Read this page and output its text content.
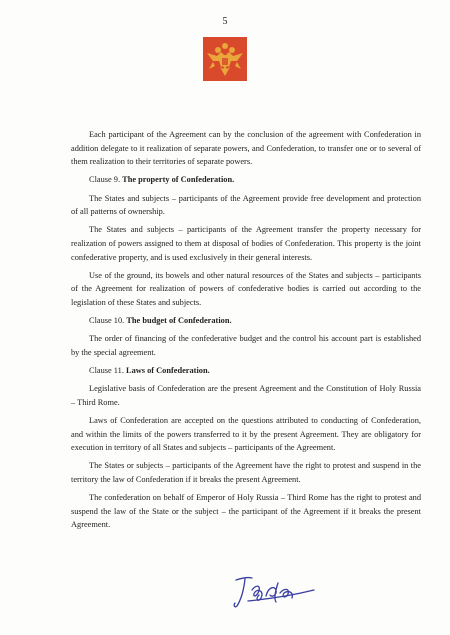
5

Each participant of the Agreement can by the conclusion of the agreement with Confederation in addition delegate to it realization of separate powers, and Confederation, to transfer one or to several of them realization to their territories of separate powers.

Clause 9. The property of Confederation.

The States and subjects – participants of the Agreement provide free development and protection of all patterns of ownership.

The States and subjects – participants of the Agreement transfer the property necessary for realization of powers assigned to them at disposal of bodies of Confederation. This property is the joint confederative property, and is used exclusively in their general interests.

Use of the ground, its bowels and other natural resources of the States and subjects – participants of the Agreement for realization of powers of confederative bodies is carried out according to the legislation of these States and subjects.

Clause 10. The budget of Confederation.

The order of financing of the confederative budget and the control his account part is established by the special agreement.

Clause 11. Laws of Confederation.

Legislative basis of Confederation are the present Agreement and the Constitution of Holy Russia – Third Rome.

Laws of Confederation are accepted on the questions attributed to conducting of Confederation, and within the limits of the powers transferred to it by the present Agreement. They are obligatory for execution in territory of all States and subjects – participants of the Agreement.

The States or subjects – participants of the Agreement have the right to protest and suspend in the territory the law of Confederation if it breaks the present Agreement.

The confederation on behalf of Emperor of Holy Russia – Third Rome has the right to protest and suspend the law of the State or the subject – the participant of the Agreement if it breaks the present Agreement.
